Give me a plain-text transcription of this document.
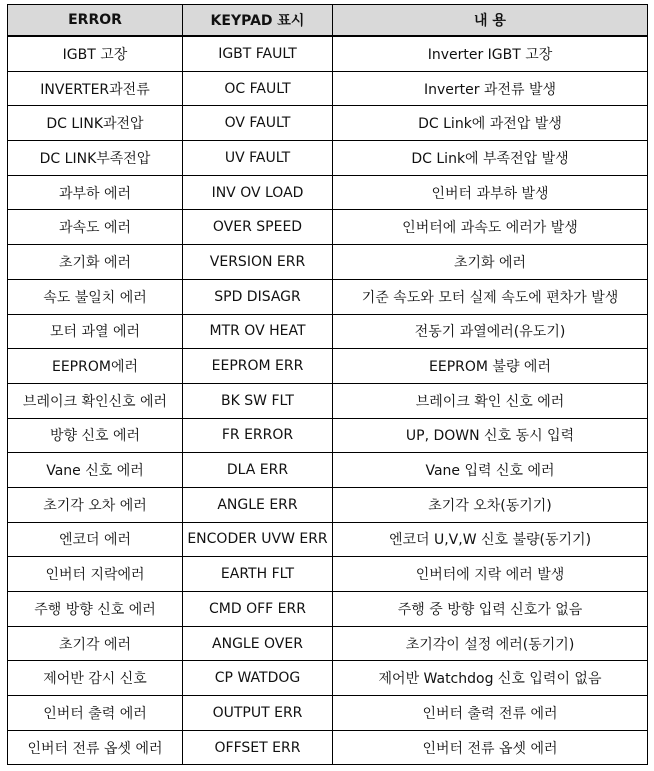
ERROR	KEYPAD 표시	내 용
IGBT 고장	IGBT FAULT	Inverter IGBT 고장
INVERTER과전류	OC FAULT	Inverter 과전류 발생
DC LINK과전압	OV FAULT	DC Link에 과전압 발생
DC LINK부족전압	UV FAULT	DC Link에 부족전압 발생
과부하 에러	INV OV LOAD	인버터 과부하 발생
과속도 에러	OVER SPEED	인버터에 과속도 에러가 발생
초기화 에러	VERSION ERR	초기화 에러
속도 불일치 에러	SPD DISAGR	기준 속도와 모터 실제 속도에 편차가 발생
모터 과열 에러	MTR OV HEAT	전동기 과열에러(유도기)
EEPROM에러	EEPROM ERR	EEPROM 불량 에러
브레이크 확인신호 에러	BK SW FLT	브레이크 확인 신호 에러
방향 신호 에러	FR ERROR	UP, DOWN 신호 동시 입력
Vane 신호 에러	DLA ERR	Vane 입력 신호 에러
초기각 오차 에러	ANGLE ERR	초기각 오차(동기기)
엔코더 에러	ENCODER UVW ERR	엔코더 U,V,W 신호 불량(동기기)
인버터 지락에러	EARTH FLT	인버터에 지락 에러 발생
주행 방향 신호 에러	CMD OFF ERR	주행 중 방향 입력 신호가 없음
초기각 에러	ANGLE OVER	초기각이 설정 에러(동기기)
제어반 감시 신호	CP WATDOG	제어반 Watchdog 신호 입력이 없음
인버터 출력 에러	OUTPUT ERR	인버터 출력 전류 에러
인버터 전류 옵셋 에러	OFFSET ERR	인버터 전류 옵셋 에러
